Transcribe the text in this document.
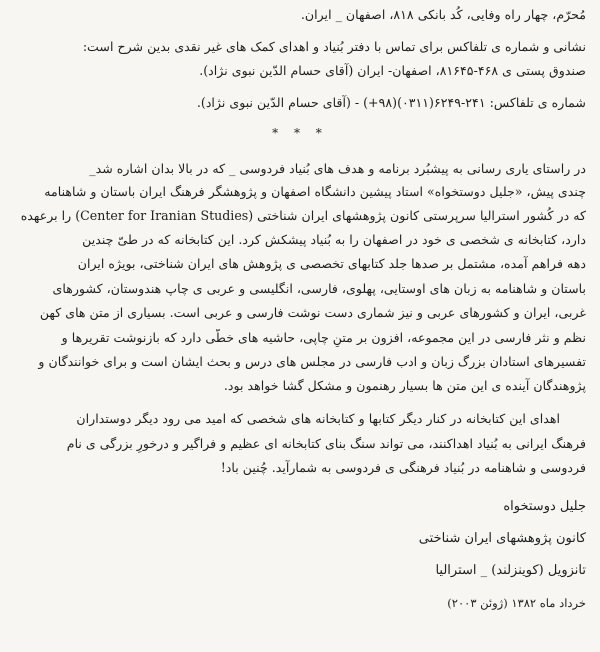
مُحرّم، چهار راه وفایی، کُد بانکی ۸۱۸، اصفهان _ ایران.
نشانی و شماره ی تلفاکس برای تماس با دفتر بُنیاد و اهدای کمک های غیر نقدی بدین شرح است:
صندوق پستی ی ۴۶۸-۸۱۶۴۵، اصفهان- ایران (آقای حسام الدّین نبوی نژاد).
شماره ی تلفاکس: ۲۴۱-۶۲۴۹(۰۳۱۱)(۹۸+) - (آقای حسام الدّین نبوی نژاد).
* * *
در راستای یاری رسانی به پیشبُرد برنامه و هدف های بُنیاد فردوسی _ که در بالا بدان اشاره شد_
چندی پیش، «جلیل دوستخواه» استاد پیشین دانشگاه اصفهان و پژوهشگر فرهنگ ایران باستان و شاهنامه
که در کُشور استرالیا سرپرستی کانون پژوهشهای ایران شناختی (Center for Iranian Studies) را برعهده
دارد، کتابخانه ی شخصی ی خود در اصفهان را به بُنیاد پیشکش کرد. این کتابخانه که در طیّ چندین
دهه فراهم آمده، مشتمل بر صدها جلد کتابهای تخصصی ی پژوهش های ایران شناختی، بویژه ایران
باستان و شاهنامه به زبان های اوستایی، پهلوی، فارسی، انگلیسی و عربی ی چاپ هندوستان، کشورهای
غربی، ایران و کشورهای عربی و نیز شماری دست نوشت فارسی و عربی است. بسیاری از متن های کهن
نظم و نثر فارسی در این مجموعه، افزون بر متنِ چاپی، حاشیه های خطّی دارد که بازنوشت تقریرها و
تفسیرهای استادان بزرگ زبان و ادب فارسی در مجلس های درس و بحث ایشان است و برای خوانندگان و
پژوهندگان آینده ی این متن ها بسیار رهنمون و مشکل گشا خواهد بود.
اهدای این کتابخانه در کنار دیگر کتابها و کتابخانه های شخصی که امید می رود دیگر دوستداران
فرهنگ ایرانی به بُنیاد اهداکنند، می تواند سنگ بنای کتابخانه ای عظیم و فراگیر و درخورِ بزرگی ی نام
فردوسی و شاهنامه در بُنیاد فرهنگی ی فردوسی به شمارآید. چُنین باد!
جلیل دوستخواه
کانون پژوهشهای ایران شناختی
تانزویل (کوینزلند) _ استرالیا
خرداد ماه ۱۳۸۲ (ژوئن ۲۰۰۳)
